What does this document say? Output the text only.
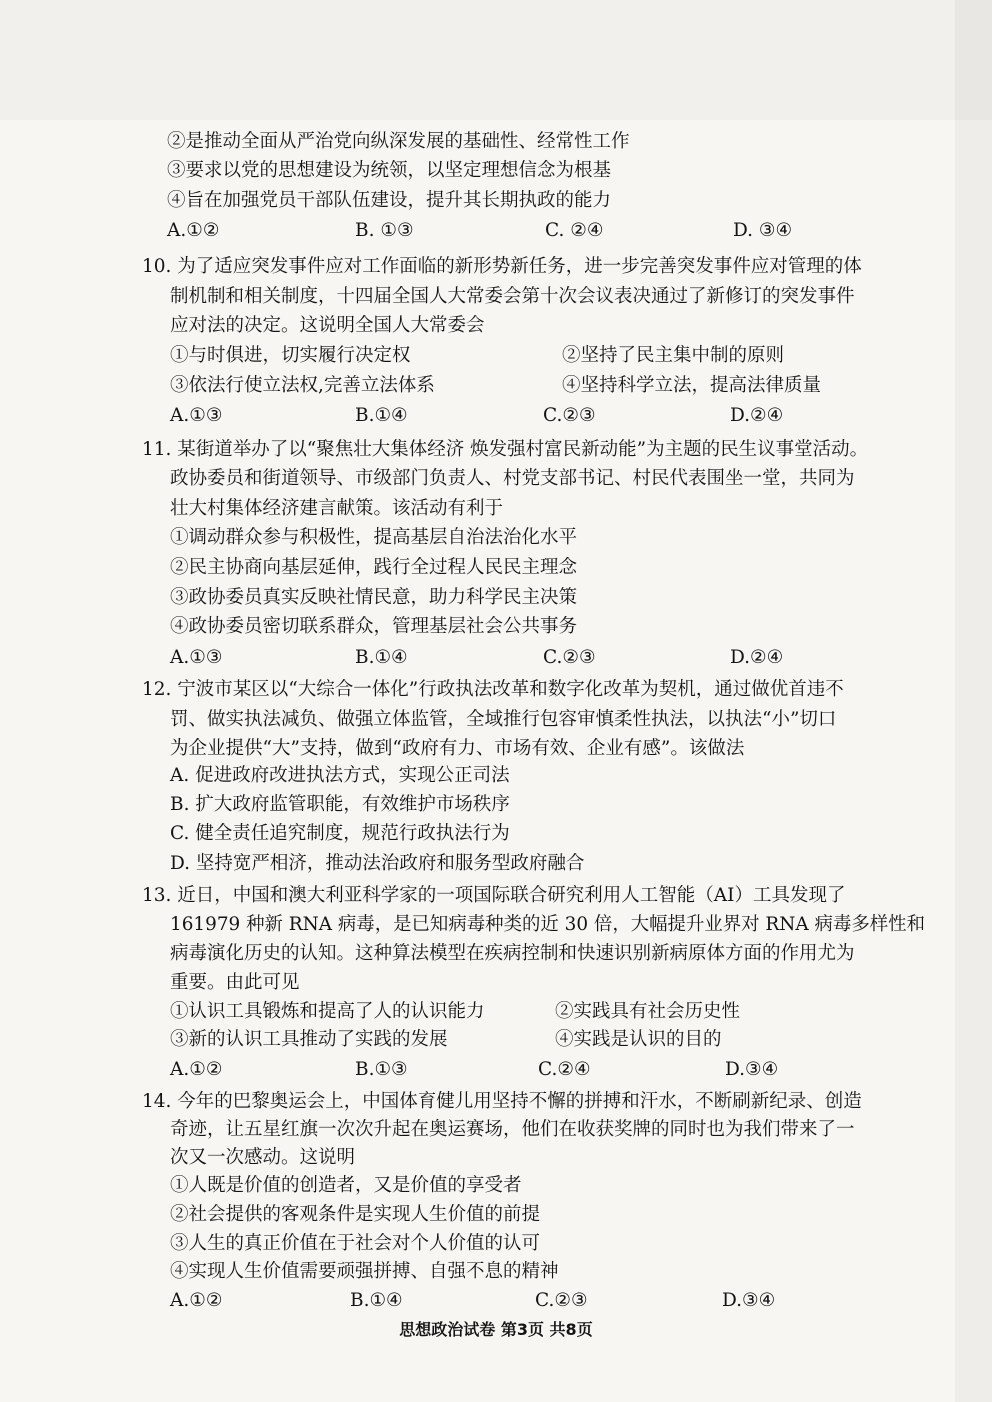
②是推动全面从严治党向纵深发展的基础性、经常性工作
③要求以党的思想建设为统领，以坚定理想信念为根基
④旨在加强党员干部队伍建设，提升其长期执政的能力
A.①②	B. ①③	C. ②④	D. ③④
10. 为了适应突发事件应对工作面临的新形势新任务，进一步完善突发事件应对管理的体
制机制和相关制度，十四届全国人大常委会第十次会议表决通过了新修订的突发事件
应对法的决定。这说明全国人大常委会
①与时俱进，切实履行决定权	②坚持了民主集中制的原则
③依法行使立法权,完善立法体系	④坚持科学立法，提高法律质量
A.①③	B.①④	C.②③	D.②④
11. 某街道举办了以“聚焦壮大集体经济 焕发强村富民新动能”为主题的民生议事堂活动。
政协委员和街道领导、市级部门负责人、村党支部书记、村民代表围坐一堂，共同为
壮大村集体经济建言献策。该活动有利于
①调动群众参与积极性，提高基层自治法治化水平
②民主协商向基层延伸，践行全过程人民民主理念
③政协委员真实反映社情民意，助力科学民主决策
④政协委员密切联系群众，管理基层社会公共事务
A.①③	B.①④	C.②③	D.②④
12. 宁波市某区以“大综合一体化”行政执法改革和数字化改革为契机，通过做优首违不
罚、做实执法减负、做强立体监管，全域推行包容审慎柔性执法，以执法“小”切口
为企业提供“大”支持，做到“政府有力、市场有效、企业有感”。该做法
A. 促进政府改进执法方式，实现公正司法
B. 扩大政府监管职能，有效维护市场秩序
C. 健全责任追究制度，规范行政执法行为
D. 坚持宽严相济，推动法治政府和服务型政府融合
13. 近日，中国和澳大利亚科学家的一项国际联合研究利用人工智能（AI）工具发现了
161979 种新 RNA 病毒，是已知病毒种类的近 30 倍，大幅提升业界对 RNA 病毒多样性和
病毒演化历史的认知。这种算法模型在疾病控制和快速识别新病原体方面的作用尤为
重要。由此可见
①认识工具锻炼和提高了人的认识能力	②实践具有社会历史性
③新的认识工具推动了实践的发展	④实践是认识的目的
A.①②	B.①③	C.②④	D.③④
14. 今年的巴黎奥运会上，中国体育健儿用坚持不懈的拼搏和汗水，不断刷新纪录、创造
奇迹，让五星红旗一次次升起在奥运赛场，他们在收获奖牌的同时也为我们带来了一
次又一次感动。这说明
①人既是价值的创造者，又是价值的享受者
②社会提供的客观条件是实现人生价值的前提
③人生的真正价值在于社会对个人价值的认可
④实现人生价值需要顽强拼搏、自强不息的精神
A.①②	B.①④	C.②③	D.③④
思想政治试卷 第3页 共8页
